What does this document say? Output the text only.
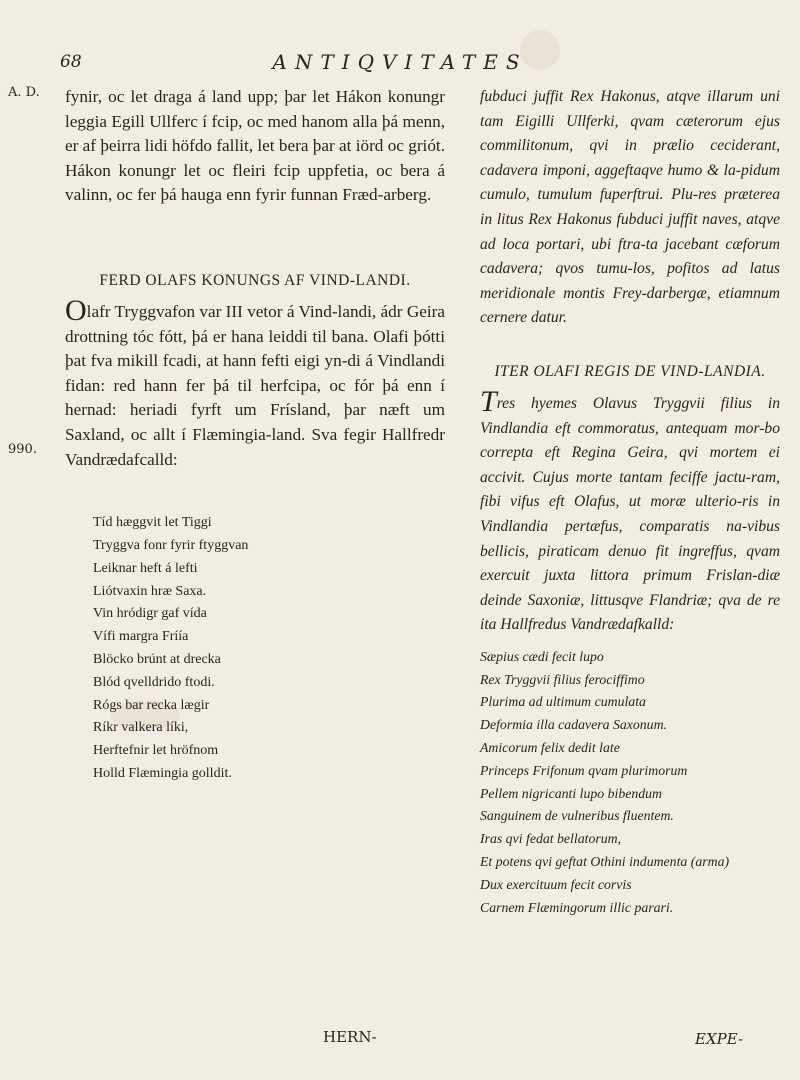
68	ANTIQVITATES
A. D.
990.

fynir, oc let draga á land upp; þar let Hákon konungr leggia Egill Ullferc í fcip, oc med hanom alla þá menn, er af þeirra lidi höfdo fallit, let bera þar at iörd oc griót. Hákon konungr let oc fleiri fcip uppfetia, oc bera á valinn, oc fer þá hauga enn fyrir funnan Fræd-arberg.

FERD OLAFS KONUNGS AF VIND-LANDI.

Olafr Tryggvafon var III vetor á Vind-landi, ádr Geira drottning tóc fótt, þá er hana leiddi til bana. Olafi þótti þat fva mikill fcadi, at hann fefti eigi yn-di á Vindlandi fidan: red hann fer þá til herfcipa, oc fór þá enn í hernad: heriadi fyrft um Frísland, þar næft um Saxland, oc allt í Flæmingia-land. Sva fegir Hallfredr Vandrædafcalld:

Tíd hæggvit let Tiggi
Tryggva fonr fyrir ftyggvan
Leiknar heft á lefti
Liótvaxin hræ Saxa.
Vin hródigr gaf vída
Vífi margra Fríía
Blöcko brúnt at drecka
Blód qvelldrido ftodi.
Rógs bar recka lægir
Ríkr valkera líki,
Herftefnir let hröfnom
Holld Flæmingia golldit.

fubduci juffit Rex Hakonus, atqve illarum uni tam Eigilli Ullferki, qvam cæterorum ejus commilitonum, qvi in prælio ceciderant, cadavera imponi, aggeftaqve humo & la-pidum cumulo, tumulum fuperftrui. Plu-res præterea in litus Rex Hakonus fubduci juffit naves, atqve ad loca portari, ubi ftra-ta jacebant cæforum cadavera; qvos tumu-los, pofitos ad latus meridionale montis Frey-darbergæ, etiamnum cernere datur.

ITER OLAFI REGIS DE VIND-LANDIA.

Tres hyemes Olavus Tryggvii filius in Vindlandia eft commoratus, antequam mor-bo correpta eft Regina Geira, qvi mortem ei accivit. Cujus morte tantam feciffe jactu-ram, fibi vifus eft Olafus, ut moræ ulterio-ris in Vindlandia pertæfus, comparatis na-vibus bellicis, piraticam denuo fit ingreffus, qvam exercuit juxta littora primum Frislan-diæ deinde Saxoniæ, littusqve Flandriæ; qva de re ita Hallfredus Vandrædafkalld:

Sæpius cædi fecit lupo
Rex Tryggvii filius ferociffimo
Plurima ad ultimum cumulata
Deformia illa cadavera Saxonum.
Amicorum felix dedit late
Princeps Frifonum qvam plurimorum
Pellem nigricanti lupo bibendum
Sanguinem de vulneribus fluentem.
Iras qvi fedat bellatorum,
Et potens qvi geftat Othini indumenta (arma)
Dux exercituum fecit corvis
Carnem Flæmingorum illic parari.
HERN-	EXPE-
